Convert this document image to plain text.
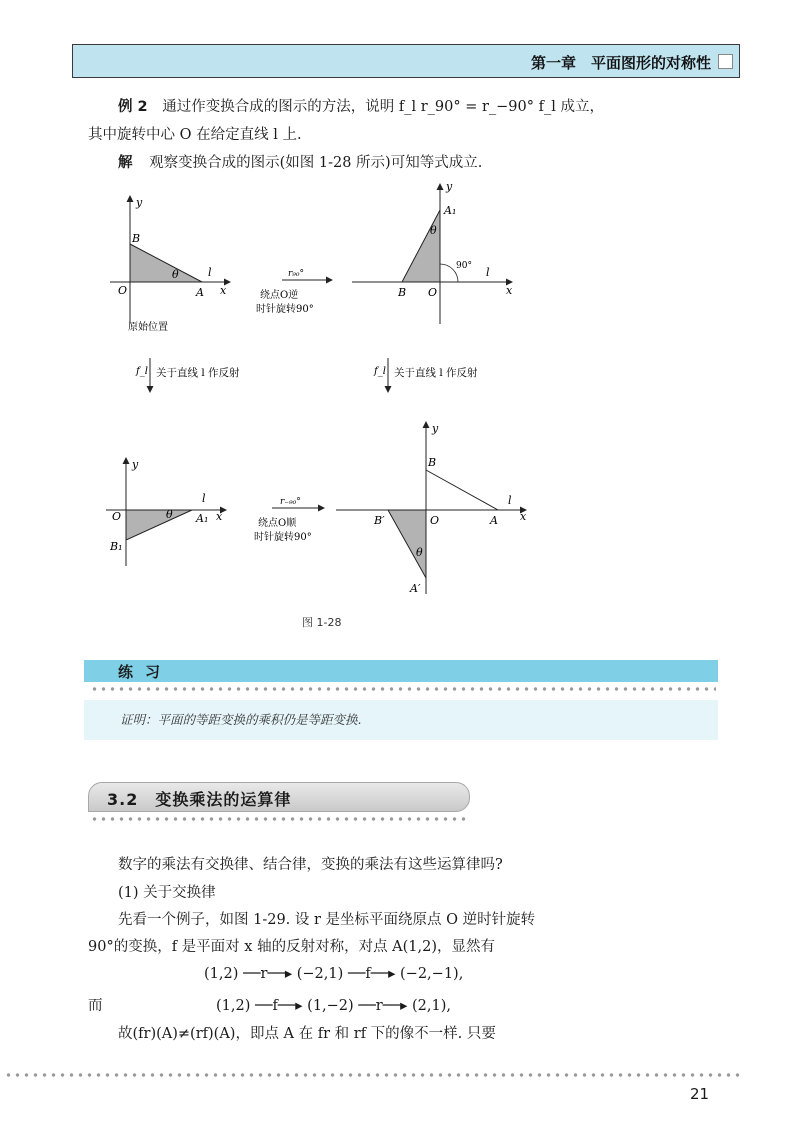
第一章　平面图形的对称性
例 2 通过作变换合成的图示的方法，说明 f_l r_90° = r_−90° f_l 成立，
其中旋转中心 O 在给定直线 l 上.
解 观察变换合成的图示(如图 1-28 所示)可知等式成立.
y
x
O	A
B
l
θ
原始位置
r₉₀°
绕点O逆
时针旋转90°
y
x
B O
A₁
l
θ
90°
f_l 关于直线 l 作反射	f_l 关于直线 l 作反射
y
x
O	A₁
B₁
l
θ
r₋₉₀°
绕点O顺
时针旋转90°
y
x
O	A
B
B′
A′
l
θ
图 1-28
练习
证明：平面的等距变换的乘积仍是等距变换.
3.2　变换乘法的运算律
数字的乘法有交换律、结合律，变换的乘法有这些运算律吗?
(1) 关于交换律
先看一个例子，如图 1-29. 设 r 是坐标平面绕原点 O 逆时针旋转
90°的变换，f 是平面对 x 轴的反射对称，对点 A(1,2)，显然有
(1,2) ──r──▸ (−2,1) ──f──▸ (−2,−1),
而	(1,2) ──f──▸ (1,−2) ──r──▸ (2,1),
故(fr)(A)≠(rf)(A)，即点 A 在 fr 和 rf 下的像不一样. 只要
21
